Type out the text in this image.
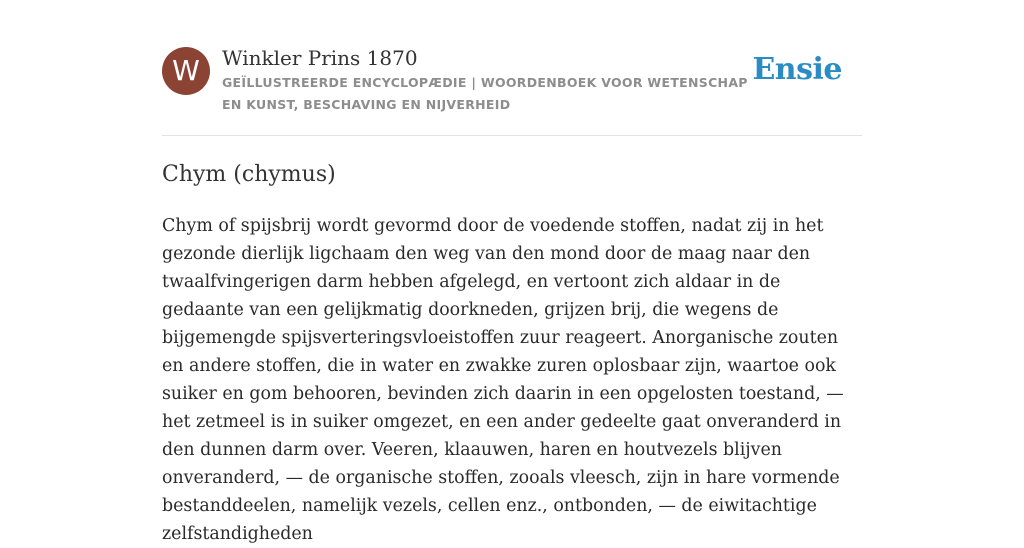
W	Winkler Prins 1870
GEÏLLUSTREERDE ENCYCLOPÆDIE | WOORDENBOEK VOOR WETENSCHAP EN KUNST, BESCHAVING EN NIJVERHEID
Ensie
Chym (chymus)

Chym of spijsbrij wordt gevormd door de voedende stoffen, nadat zij in het gezonde dierlijk ligchaam den weg van den mond door de maag naar den twaalfvingerigen darm hebben afgelegd, en vertoont zich aldaar in de gedaante van een gelijkmatig doorkneden, grijzen brij, die wegens de bijgemengde spijsverteringsvloeistoffen zuur reageert. Anorganische zouten en andere stoffen, die in water en zwakke zuren oplosbaar zijn, waartoe ook suiker en gom behooren, bevinden zich daarin in een opgelosten toestand, — het zetmeel is in suiker omgezet, en een ander gedeelte gaat onveranderd in den dunnen darm over. Veeren, klaauwen, haren en houtvezels blijven onveranderd, — de organische stoffen, zooals vleesch, zijn in hare vormende bestanddeelen, namelijk vezels, cellen enz., ontbonden, — de eiwitachtige zelfstandigheden
